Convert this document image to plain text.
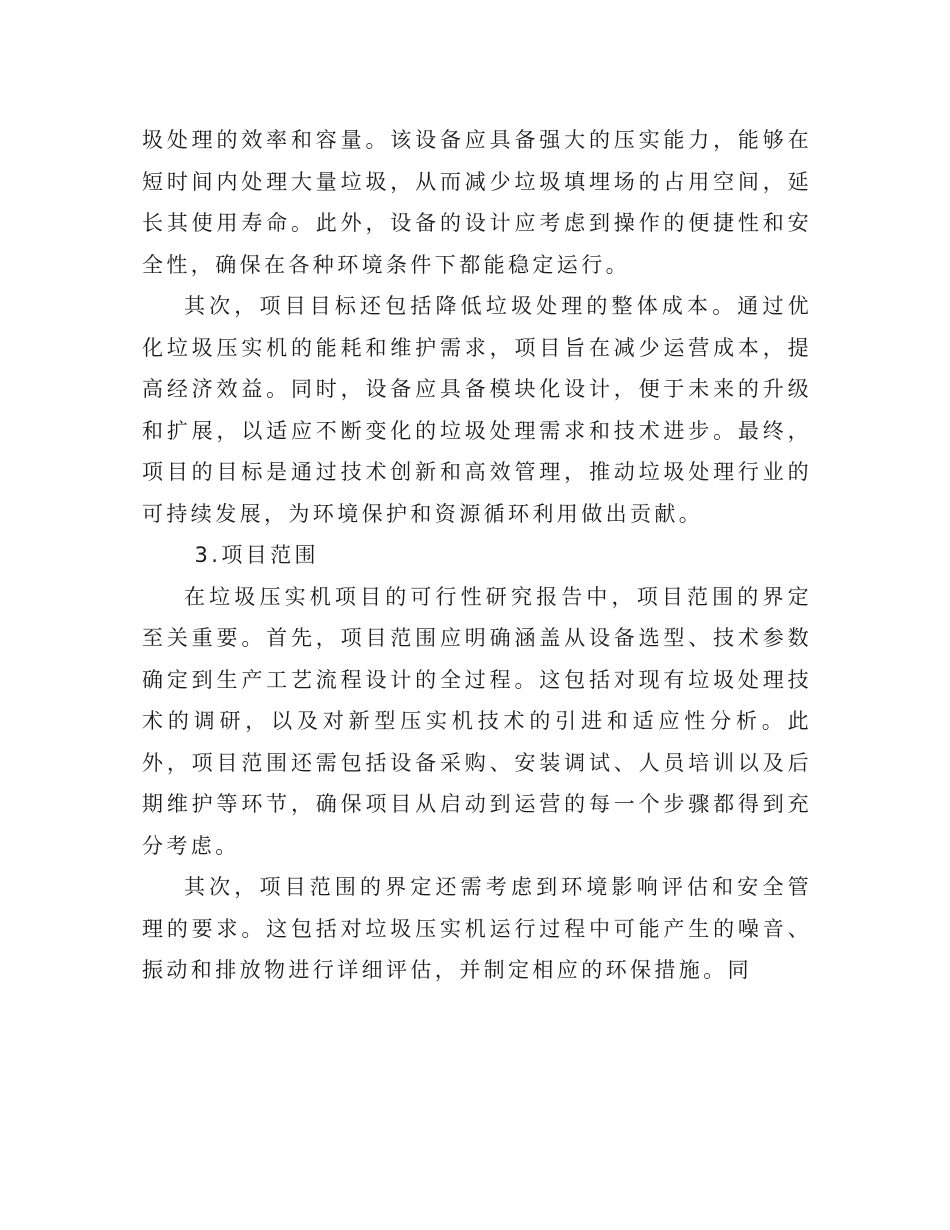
圾处理的效率和容量。该设备应具备强大的压实能力，能够在短时间内处理大量垃圾，从而减少垃圾填埋场的占用空间，延长其使用寿命。此外，设备的设计应考虑到操作的便捷性和安全性，确保在各种环境条件下都能稳定运行。

其次，项目目标还包括降低垃圾处理的整体成本。通过优化垃圾压实机的能耗和维护需求，项目旨在减少运营成本，提高经济效益。同时，设备应具备模块化设计，便于未来的升级和扩展，以适应不断变化的垃圾处理需求和技术进步。最终，项目的目标是通过技术创新和高效管理，推动垃圾处理行业的可持续发展，为环境保护和资源循环利用做出贡献。

3.项目范围

在垃圾压实机项目的可行性研究报告中，项目范围的界定至关重要。首先，项目范围应明确涵盖从设备选型、技术参数确定到生产工艺流程设计的全过程。这包括对现有垃圾处理技术的调研，以及对新型压实机技术的引进和适应性分析。此外，项目范围还需包括设备采购、安装调试、人员培训以及后期维护等环节，确保项目从启动到运营的每一个步骤都得到充分考虑。

其次，项目范围的界定还需考虑到环境影响评估和安全管理的要求。这包括对垃圾压实机运行过程中可能产生的噪音、振动和排放物进行详细评估，并制定相应的环保措施。同
